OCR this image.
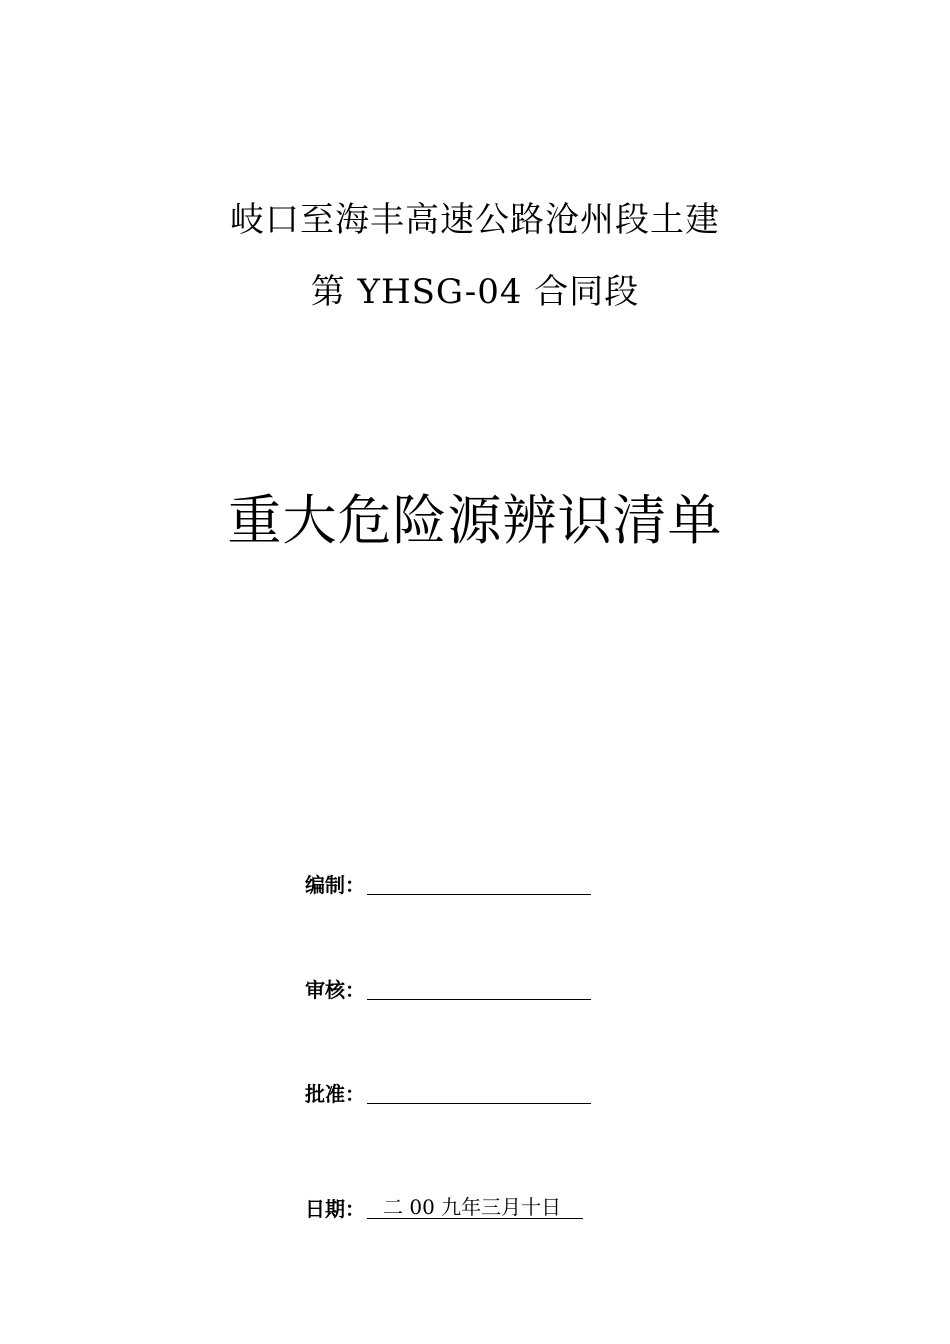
岐口至海丰高速公路沧州段土建
第 YHSG-04 合同段
重大危险源辨识清单
编制：
审核：
批准：
日期： 二 00 九年三月十日
